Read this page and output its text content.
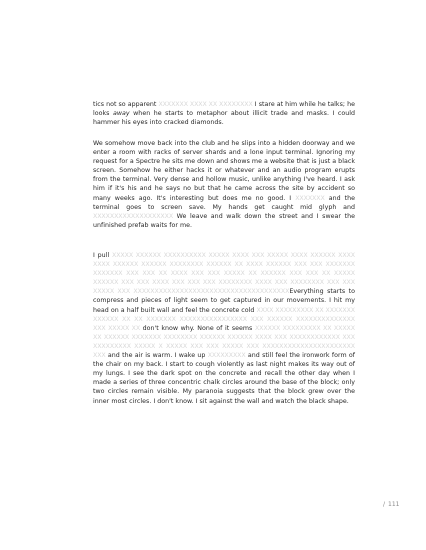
tics not so apparent XXXXXXX XXXX XX XXXXXXXX I stare at him while he talks; he looks away when he starts to metaphor about illicit trade and masks. I could hammer his eyes into cracked diamonds.

We somehow move back into the club and he slips into a hidden doorway and we enter a room with racks of server shards and a lone input terminal. Ignoring my request for a Spectre he sits me down and shows me a website that is just a black screen. Somehow he either hacks it or whatever and an audio program erupts from the terminal. Very dense and hollow music, unlike anything I've heard. I ask him if it's his and he says no but that he came across the site by accident so many weeks ago. It's interesting but does me no good. I XXXXXXX and the terminal goes to screen save. My hands get caught mid glyph and XXXXXXXXXXXXXXXXXXX We leave and walk down the street and I swear the unfinished prefab waits for me.

I pull XXXXX XXXXXX XXXXXXXXXX XXXXX XXXX XXX XXXXX XXXX XXXXXX XXXX XXXX XXXXXX XXXXXX XXXXXXXX XXXXXX XX XXXX XXXXXX XXX XXX XXXXXXX XXXXXXX XXX XXX XX XXXX XXX XXX XXXXX XX XXXXXX XXX XXX XX XXXXX XXXXXX XXX XXX XXXX XXX XXX XXX XXXXXXXX XXXX XXX XXXXXXXX XXX XXX XXXXX XXX XXXXXXXXXXXXXXXXXXXXXXXXXXXXXXXXXXXXXEverything starts to compress and pieces of light seem to get captured in our movements. I hit my head on a half built wall and feel the concrete cold XXXX XXXXXXXXX XX XXXXXXX XXXXXX XX XX XXXXXXX XXXXXXXXXXXXXXXX XXX XXXXXX XXXXXXXXXXXXXX XXX XXXXX XX don't know why. None of it seems XXXXXX XXXXXXXXX XX XXXXX XX XXXXXX XXXXXXX XXXXXXXX XXXXXX XXXXXX XXXX XXX XXXXXXXXXXXX XXX XXXXXXXXX XXXXX X XXXXX XXX XXX XXXXX XXX XXXXXXXXXXXXXXXXXXXXXX XXX and the air is warm. I wake up XXXXXXXXX and still feel the ironwork form of the chair on my back. I start to cough violently as last night makes its way out of my lungs. I see the dark spot on the concrete and recall the other day when I made a series of three concentric chalk circles around the base of the block; only two circles remain visible. My paranoia suggests that the block grew over the inner most circles. I don't know. I sit against the wall and watch the black shape.

/ 111
